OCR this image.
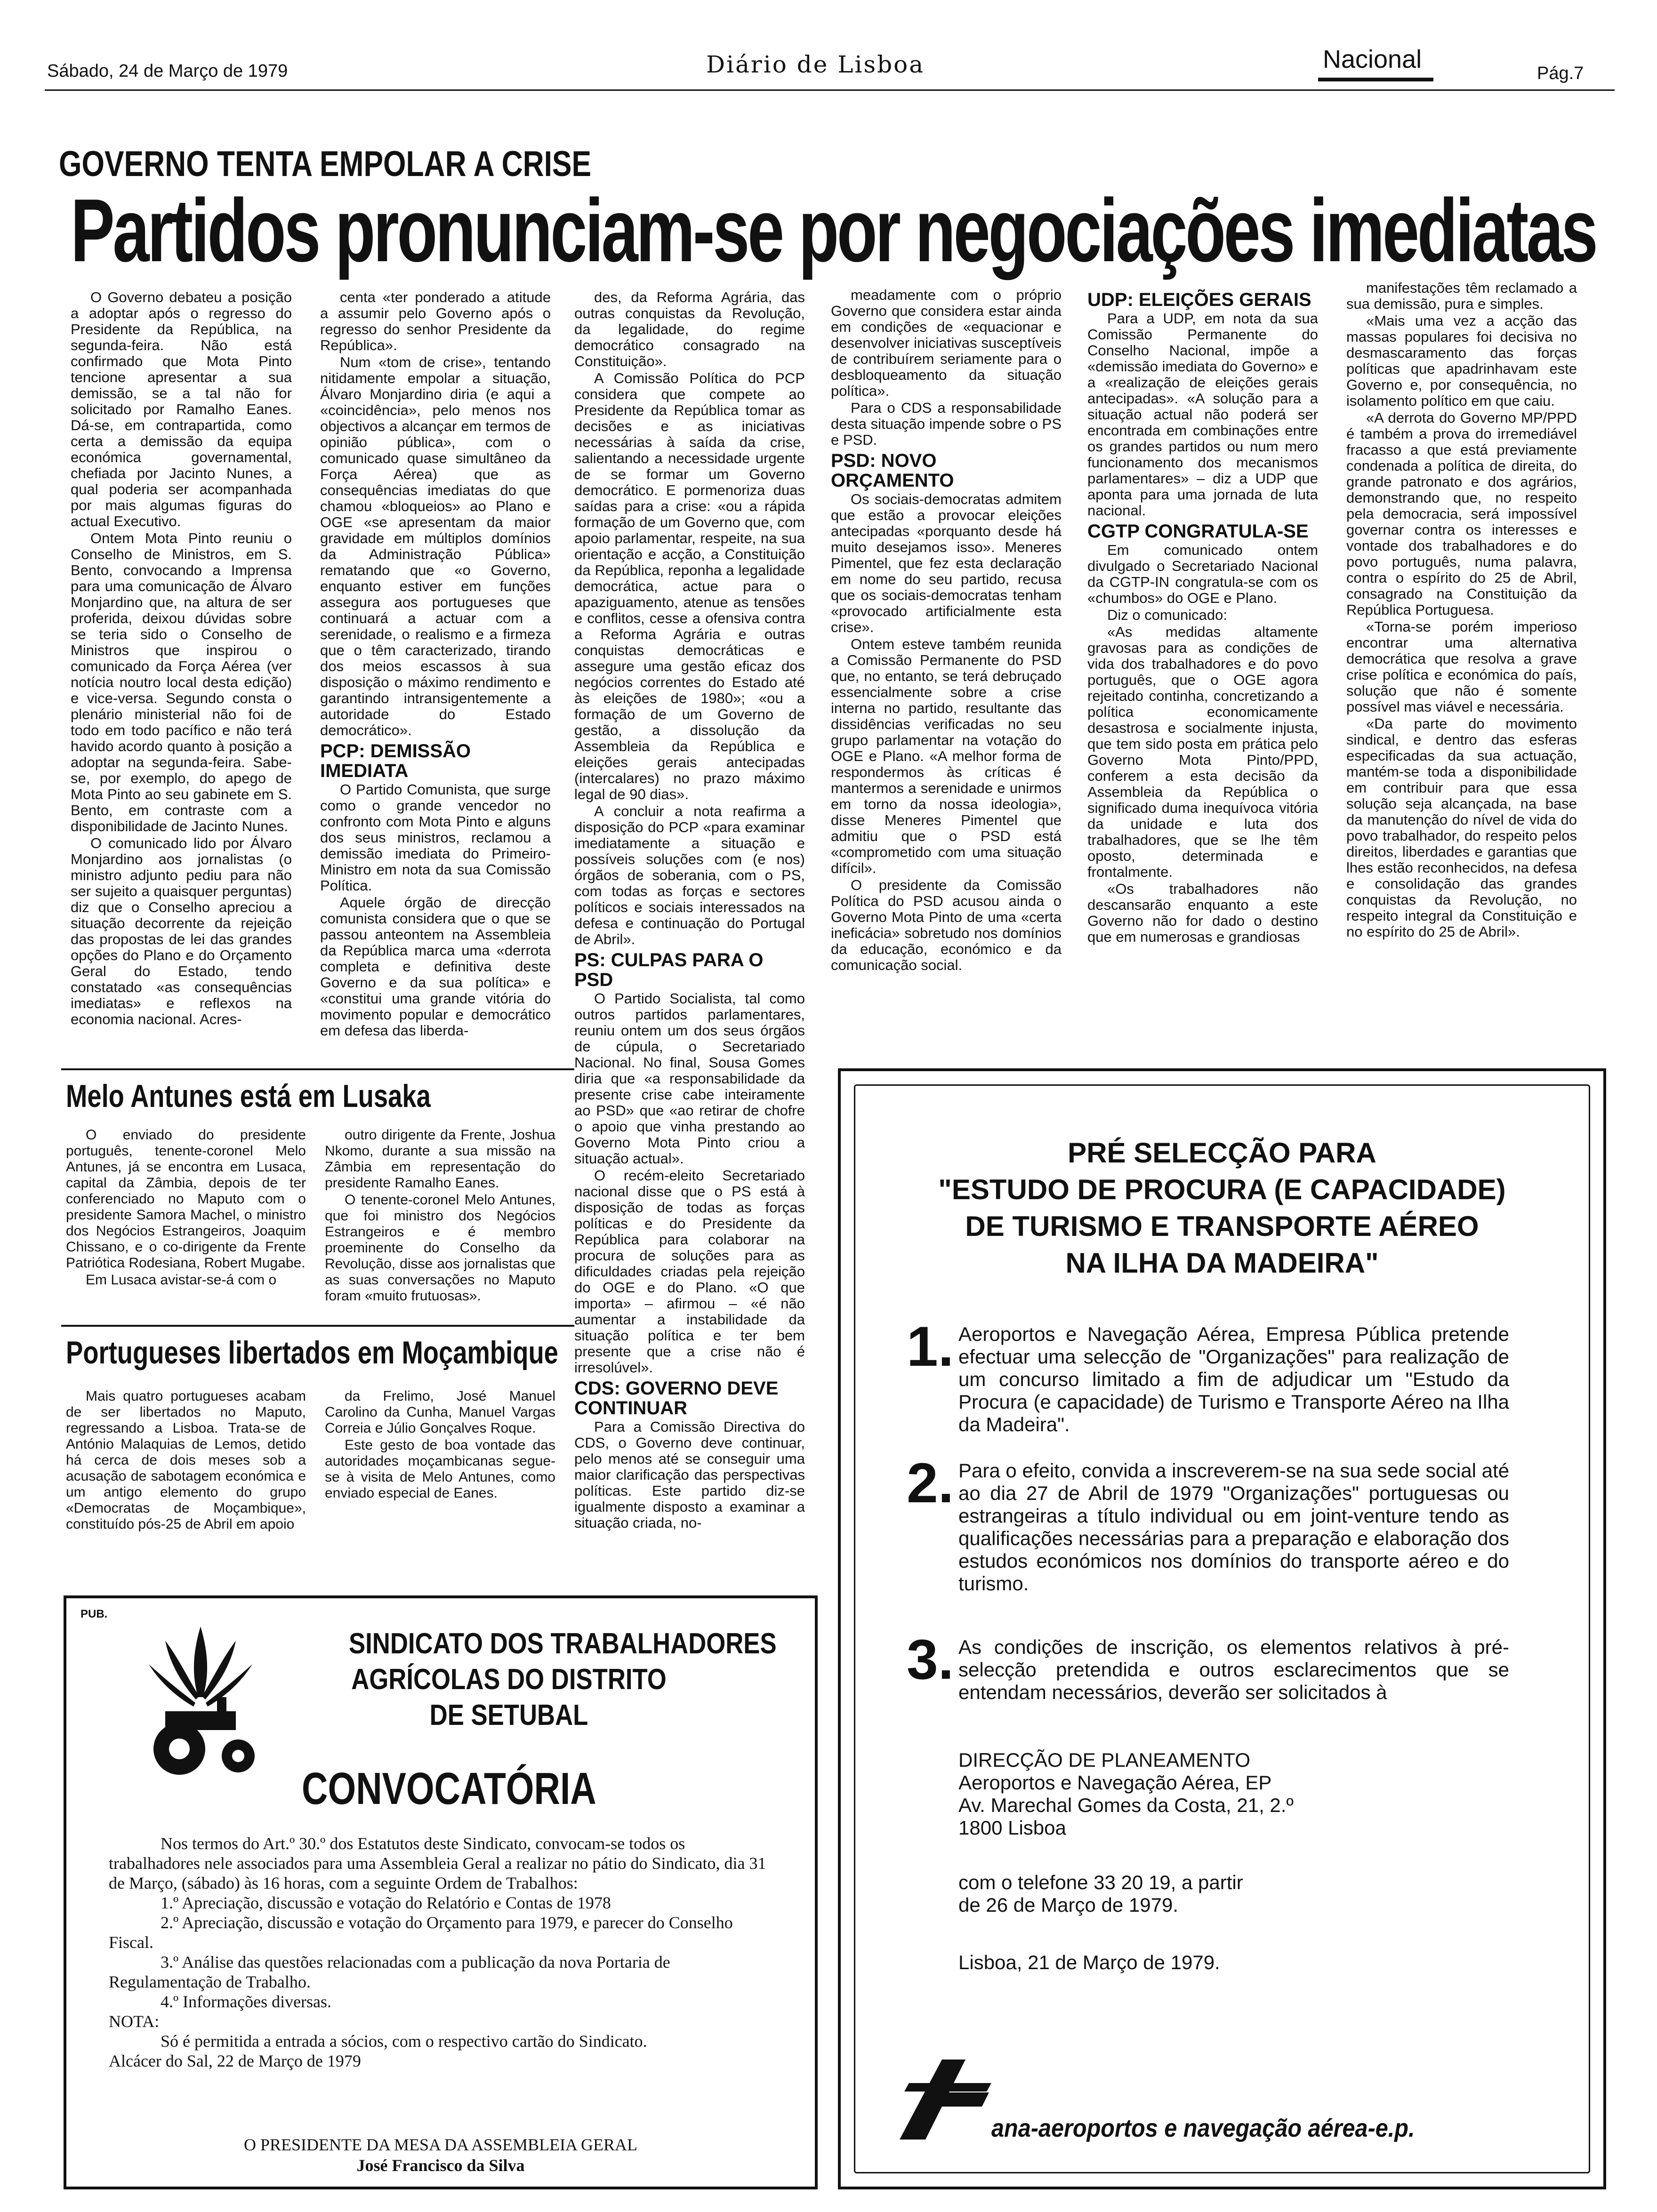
Sábado, 24 de Março de 1979	Diário de Lisboa	Nacional	Pág.7
GOVERNO TENTA EMPOLAR A CRISE
Partidos pronunciam-se por negociações imediatas

O Governo debateu a posição a adoptar após o regresso do Presidente da República, na segunda-feira. Não está confirmado que Mota Pinto tencione apresentar a sua demissão, se a tal não for solicitado por Ramalho Eanes. Dá-se, em contrapartida, como certa a demissão da equipa económica governamental, chefiada por Jacinto Nunes, a qual poderia ser acompanhada por mais algumas figuras do actual Executivo.

Ontem Mota Pinto reuniu o Conselho de Ministros, em S. Bento, convocando a Imprensa para uma comunicação de Álvaro Monjardino que, na altura de ser proferida, deixou dúvidas sobre se teria sido o Conselho de Ministros que inspirou o comunicado da Força Aérea (ver notícia noutro local desta edição) e vice-versa. Segundo consta o plenário ministerial não foi de todo em todo pacífico e não terá havido acordo quanto à posição a adoptar na segunda-feira. Sabe-se, por exemplo, do apego de Mota Pinto ao seu gabinete em S. Bento, em contraste com a disponibilidade de Jacinto Nunes.

O comunicado lido por Álvaro Monjardino aos jornalistas (o ministro adjunto pediu para não ser sujeito a quaisquer perguntas) diz que o Conselho apreciou a situação decorrente da rejeição das propostas de lei das grandes opções do Plano e do Orçamento Geral do Estado, tendo constatado «as consequências imediatas» e reflexos na economia nacional. Acres-

centa «ter ponderado a atitude a assumir pelo Governo após o regresso do senhor Presidente da República».

Num «tom de crise», tentando nitidamente empolar a situação, Álvaro Monjardino diria (e aqui a «coincidência», pelo menos nos objectivos a alcançar em termos de opinião pública», com o comunicado quase simultâneo da Força Aérea) que as consequências imediatas do que chamou «bloqueios» ao Plano e OGE «se apresentam da maior gravidade em múltiplos domínios da Administração Pública» rematando que «o Governo, enquanto estiver em funções assegura aos portugueses que continuará a actuar com a serenidade, o realismo e a firmeza que o têm caracterizado, tirando dos meios escassos à sua disposição o máximo rendimento e garantindo intransigentemente a autoridade do Estado democrático».

PCP: DEMISSÃO IMEDIATA

O Partido Comunista, que surge como o grande vencedor no confronto com Mota Pinto e alguns dos seus ministros, reclamou a demissão imediata do Primeiro-Ministro em nota da sua Comissão Política.

Aquele órgão de direcção comunista considera que o que se passou anteontem na Assembleia da República marca uma «derrota completa e definitiva deste Governo e da sua política» e «constitui uma grande vitória do movimento popular e democrático em defesa das liberda-

des, da Reforma Agrária, das outras conquistas da Revolução, da legalidade, do regime democrático consagrado na Constituição».

A Comissão Política do PCP considera que compete ao Presidente da República tomar as decisões e as iniciativas necessárias à saída da crise, salientando a necessidade urgente de se formar um Governo democrático. E pormenoriza duas saídas para a crise: «ou a rápida formação de um Governo que, com apoio parlamentar, respeite, na sua orientação e acção, a Constituição da República, reponha a legalidade democrática, actue para o apaziguamento, atenue as tensões e conflitos, cesse a ofensiva contra a Reforma Agrária e outras conquistas democráticas e assegure uma gestão eficaz dos negócios correntes do Estado até às eleições de 1980»; «ou a formação de um Governo de gestão, a dissolução da Assembleia da República e eleições gerais antecipadas (intercalares) no prazo máximo legal de 90 dias».

A concluir a nota reafirma a disposição do PCP «para examinar imediatamente a situação e possíveis soluções com (e nos) órgãos de soberania, com o PS, com todas as forças e sectores políticos e sociais interessados na defesa e continuação do Portugal de Abril».

PS: CULPAS PARA O PSD

O Partido Socialista, tal como outros partidos parlamentares, reuniu ontem um dos seus órgãos de cúpula, o Secretariado Nacional. No final, Sousa Gomes diria que «a responsabilidade da presente crise cabe inteiramente ao PSD» que «ao retirar de chofre o apoio que vinha prestando ao Governo Mota Pinto criou a situação actual».

O recém-eleito Secretariado nacional disse que o PS está à disposição de todas as forças políticas e do Presidente da República para colaborar na procura de soluções para as dificuldades criadas pela rejeição do OGE e do Plano. «O que importa» – afirmou – «é não aumentar a instabilidade da situação política e ter bem presente que a crise não é irresolúvel».

CDS: GOVERNO DEVE CONTINUAR

Para a Comissão Directiva do CDS, o Governo deve continuar, pelo menos até se conseguir uma maior clarificação das perspectivas políticas. Este partido diz-se igualmente disposto a examinar a situação criada, no-

meadamente com o próprio Governo que considera estar ainda em condições de «equacionar e desenvolver iniciativas susceptíveis de contribuírem seriamente para o desbloqueamento da situação política».

Para o CDS a responsabilidade desta situação impende sobre o PS e PSD.

PSD: NOVO ORÇAMENTO

Os sociais-democratas admitem que estão a provocar eleições antecipadas «porquanto desde há muito desejamos isso». Meneres Pimentel, que fez esta declaração em nome do seu partido, recusa que os sociais-democratas tenham «provocado artificialmente esta crise».

Ontem esteve também reunida a Comissão Permanente do PSD que, no entanto, se terá debruçado essencialmente sobre a crise interna no partido, resultante das dissidências verificadas no seu grupo parlamentar na votação do OGE e Plano. «A melhor forma de respondermos às críticas é mantermos a serenidade e unirmos em torno da nossa ideologia», disse Meneres Pimentel que admitiu que o PSD está «comprometido com uma situação difícil».

O presidente da Comissão Política do PSD acusou ainda o Governo Mota Pinto de uma «certa ineficácia» sobretudo nos domínios da educação, económico e da comunicação social.

UDP: ELEIÇÕES GERAIS

Para a UDP, em nota da sua Comissão Permanente do Conselho Nacional, impõe a «demissão imediata do Governo» e a «realização de eleições gerais antecipadas». «A solução para a situação actual não poderá ser encontrada em combinações entre os grandes partidos ou num mero funcionamento dos mecanismos parlamentares» – diz a UDP que aponta para uma jornada de luta nacional.

CGTP CONGRATULA-SE

Em comunicado ontem divulgado o Secretariado Nacional da CGTP-IN congratula-se com os «chumbos» do OGE e Plano.

Diz o comunicado:

«As medidas altamente gravosas para as condições de vida dos trabalhadores e do povo português, que o OGE agora rejeitado continha, concretizando a política economicamente desastrosa e socialmente injusta, que tem sido posta em prática pelo Governo Mota Pinto/PPD, conferem a esta decisão da Assembleia da República o significado duma inequívoca vitória da unidade e luta dos trabalhadores, que se lhe têm oposto, determinada e frontalmente.

«Os trabalhadores não descansarão enquanto a este Governo não for dado o destino que em numerosas e grandiosas

manifestações têm reclamado a sua demissão, pura e simples.

«Mais uma vez a acção das massas populares foi decisiva no desmascaramento das forças políticas que apadrinhavam este Governo e, por consequência, no isolamento político em que caiu.

«A derrota do Governo MP/PPD é também a prova do irremediável fracasso a que está previamente condenada a política de direita, do grande patronato e dos agrários, demonstrando que, no respeito pela democracia, será impossível governar contra os interesses e vontade dos trabalhadores e do povo português, numa palavra, contra o espírito do 25 de Abril, consagrado na Constituição da República Portuguesa.

«Torna-se porém imperioso encontrar uma alternativa democrática que resolva a grave crise política e económica do país, solução que não é somente possível mas viável e necessária.

«Da parte do movimento sindical, e dentro das esferas especificadas da sua actuação, mantém-se toda a disponibilidade em contribuir para que essa solução seja alcançada, na base da manutenção do nível de vida do povo trabalhador, do respeito pelos direitos, liberdades e garantias que lhes estão reconhecidos, na defesa e consolidação das grandes conquistas da Revolução, no respeito integral da Constituição e no espírito do 25 de Abril».

Melo Antunes está em Lusaka

O enviado do presidente português, tenente-coronel Melo Antunes, já se encontra em Lusaca, capital da Zâmbia, depois de ter conferenciado no Maputo com o presidente Samora Machel, o ministro dos Negócios Estrangeiros, Joaquim Chissano, e o co-dirigente da Frente Patriótica Rodesiana, Robert Mugabe.

Em Lusaca avistar-se-á com o

outro dirigente da Frente, Joshua Nkomo, durante a sua missão na Zâmbia em representação do presidente Ramalho Eanes.

O tenente-coronel Melo Antunes, que foi ministro dos Negócios Estrangeiros e é membro proeminente do Conselho da Revolução, disse aos jornalistas que as suas conversações no Maputo foram «muito frutuosas».

Portugueses libertados em Moçambique

Mais quatro portugueses acabam de ser libertados no Maputo, regressando a Lisboa. Trata-se de António Malaquias de Lemos, detido há cerca de dois meses sob a acusação de sabotagem económica e um antigo elemento do grupo «Democratas de Moçambique», constituído pós-25 de Abril em apoio

da Frelimo, José Manuel Carolino da Cunha, Manuel Vargas Correia e Júlio Gonçalves Roque.

Este gesto de boa vontade das autoridades moçambicanas segue-se à visita de Melo Antunes, como enviado especial de Eanes.

PUB.
SINDICATO DOS TRABALHADORES
AGRÍCOLAS DO DISTRITO
DE SETUBAL
CONVOCATÓRIA

Nos termos do Art.º 30.º dos Estatutos deste Sindicato, convocam-se todos os trabalhadores nele associados para uma Assembleia Geral a realizar no pátio do Sindicato, dia 31 de Março, (sábado) às 16 horas, com a seguinte Ordem de Trabalhos:

1.º Apreciação, discussão e votação do Relatório e Contas de 1978

2.º Apreciação, discussão e votação do Orçamento para 1979, e parecer do Conselho Fiscal.

3.º Análise das questões relacionadas com a publicação da nova Portaria de Regulamentação de Trabalho.

4.º Informações diversas.

NOTA:

Só é permitida a entrada a sócios, com o respectivo cartão do Sindicato.

Alcácer do Sal, 22 de Março de 1979

O PRESIDENTE DA MESA DA ASSEMBLEIA GERAL
José Francisco da Silva
PRÉ SELECÇÃO PARA
"ESTUDO DE PROCURA (E CAPACIDADE)
DE TURISMO E TRANSPORTE AÉREO
NA ILHA DA MADEIRA"
1. Aeroportos e Navegação Aérea, Empresa Pública pretende efectuar uma selecção de "Organizações" para realização de um concurso limitado a fim de adjudicar um "Estudo da Procura (e capacidade) de Turismo e Transporte Aéreo na Ilha da Madeira".
2. Para o efeito, convida a inscreverem-se na sua sede social até ao dia 27 de Abril de 1979 "Organizações" portuguesas ou estrangeiras a título individual ou em joint-venture tendo as qualificações necessárias para a preparação e elaboração dos estudos económicos nos domínios do transporte aéreo e do turismo.
3. As condições de inscrição, os elementos relativos à pré-selecção pretendida e outros esclarecimentos que se entendam necessários, deverão ser solicitados à
DIRECÇÃO DE PLANEAMENTO
Aeroportos e Navegação Aérea, EP
Av. Marechal Gomes da Costa, 21, 2.º
1800 Lisboa
com o telefone 33 20 19, a partir
de 26 de Março de 1979.
Lisboa, 21 de Março de 1979.
ana-aeroportos e navegação aérea-e.p.
